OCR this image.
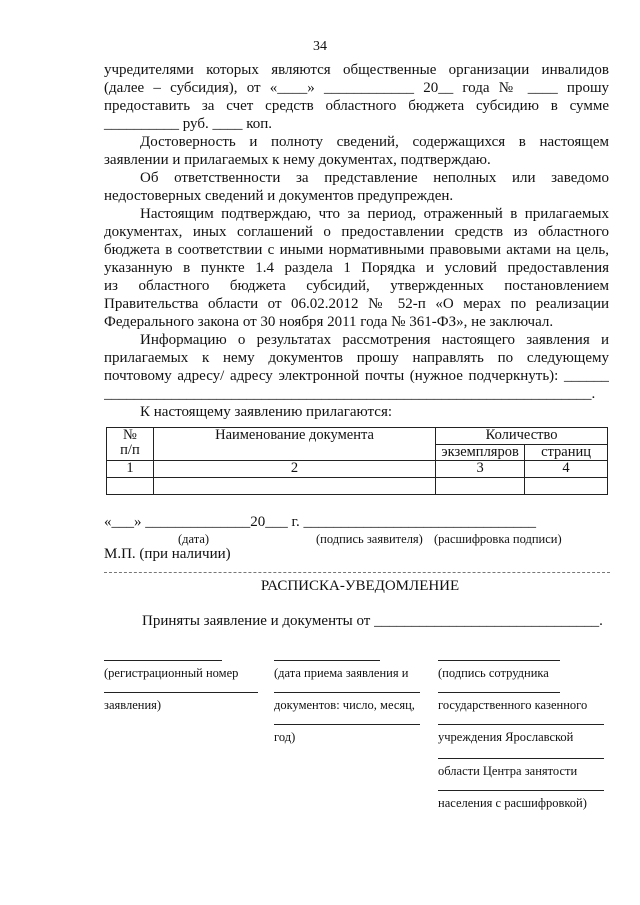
34
учредителями которых являются общественные организации инвалидов
(далее – субсидия), от «____» ____________ 20__ года № ____ прошу
предоставить за счет средств областного бюджета субсидию в сумме
__________ руб. ____ коп.
Достоверность и полноту сведений, содержащихся в настоящем
заявлении и прилагаемых к нему документах, подтверждаю.
Об ответственности за представление неполных или заведомо
недостоверных сведений и документов предупрежден.
Настоящим подтверждаю, что за период, отраженный в прилагаемых
документах, иных соглашений о предоставлении средств из областного
бюджета в соответствии с иными нормативными правовыми актами на цель,
указанную в пункте 1.4 раздела 1 Порядка и условий предоставления
из областного бюджета субсидий, утвержденных постановлением
Правительства области от 06.02.2012 № 52-п «О мерах по реализации
Федерального закона от 30 ноября 2011 года № 361-ФЗ», не заключал.
Информацию о результатах рассмотрения настоящего заявления и
прилагаемых к нему документов прошу направлять по следующему
почтовому адресу/ адресу электронной почты (нужное подчеркнуть): ______
_________________________________________________________________.
К настоящему заявлению прилагаются:
№
п/п	Наименование документа	Количество	
		экземпляров	страниц
1	2	3	4

«___» ______________20___ г. _______________________________
(дата)	(подпись заявителя) (расшифровка подписи)
М.П. (при наличии)
РАСПИСКА-УВЕДОМЛЕНИЕ
Приняты заявление и документы от ______________________________.
(регистрационный номер
заявления)
(дата приема заявления и
документов: число, месяц,
год)
(подпись сотрудника
государственного казенного
учреждения Ярославской
области Центра занятости
населения с расшифровкой)
